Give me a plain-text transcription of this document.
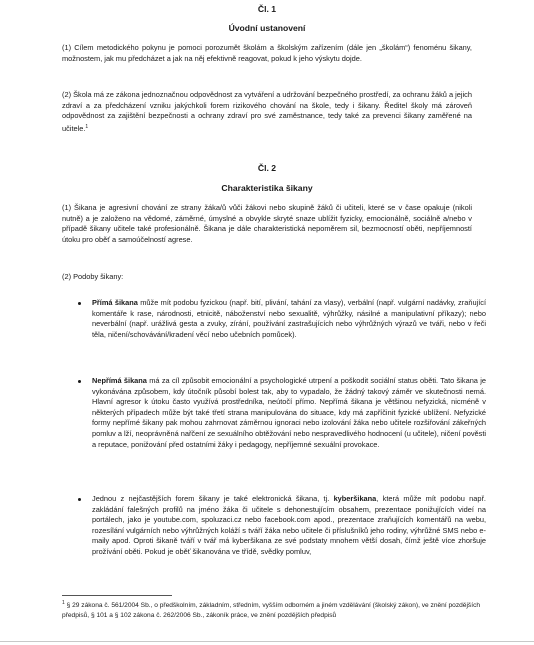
Čl. 1
Úvodní ustanovení

(1) Cílem metodického pokynu je pomoci porozumět školám a školským zařízením (dále jen „školám“) fenoménu šikany, možnostem, jak mu předcházet a jak na něj efektivně reagovat, pokud k jeho výskytu dojde.

(2) Škola má ze zákona jednoznačnou odpovědnost za vytváření a udržování bezpečného prostředí, za ochranu žáků a jejich zdraví a za předcházení vzniku jakýchkoli forem rizikového chování na škole, tedy i šikany. Ředitel školy má zároveň odpovědnost za zajištění bezpečnosti a ochrany zdraví pro své zaměstnance, tedy také za prevenci šikany zaměřené na učitele.$^1$

Čl. 2
Charakteristika šikany

(1) Šikana je agresivní chování ze strany žáka/ů vůči žákovi nebo skupině žáků či učiteli, které se v čase opakuje (nikoli nutně) a je založeno na vědomé, záměrné, úmyslné a obvykle skryté snaze ublížit fyzicky, emocionálně, sociálně a/nebo v případě šikany učitele také profesionálně. Šikana je dále charakteristická nepoměrem sil, bezmocností oběti, nepříjemností útoku pro oběť a samoúčelností agrese.

(2) Podoby šikany:

Přímá šikana může mít podobu fyzickou (např. bití, plivání, tahání za vlasy), verbální (např. vulgární nadávky, zraňující komentáře k rase, národnosti, etnicitě, náboženství nebo sexualitě, výhrůžky, násilné a manipulativní příkazy); nebo neverbální (např. urážlivá gesta a zvuky, zírání, používání zastrašujících nebo výhrůžných výrazů ve tváři, nebo v řeči těla, ničení/schovávání/kradení věcí nebo učebních pomůcek).

Nepřímá šikana má za cíl způsobit emocionální a psychologické utrpení a poškodit sociální status oběti. Tato šikana je vykonávána způsobem, kdy útočník působí bolest tak, aby to vypadalo, že žádný takový záměr ve skutečnosti nemá. Hlavní agresor k útoku často využívá prostředníka, neútočí přímo. Nepřímá šikana je většinou nefyzická, nicméně v některých případech může být také třetí strana manipulována do situace, kdy má zapříčinit fyzické ublížení. Nefyzické formy nepřímé šikany pak mohou zahrnovat záměrnou ignoraci nebo izolování žáka nebo učitele rozšiřování zákeřných pomluv a lží, neoprávněná nařčení ze sexuálního obtěžování nebo nespravedlivého hodnocení (u učitele), ničení pověsti a reputace, ponižování před ostatními žáky i pedagogy, nepříjemné sexuální provokace.

Jednou z nejčastějších forem šikany je také elektronická šikana, tj. kyberšikana, která může mít podobu např. zakládání falešných profilů na jméno žáka či učitele s dehonestujícím obsahem, prezentace ponižujících videí na portálech, jako je youtube.com, spoluzaci.cz nebo facebook.com apod., prezentace zraňujících komentářů na webu, rozesílání vulgárních nebo výhrůžných koláží s tváří žáka nebo učitele či příslušníků jeho rodiny, výhrůžné SMS nebo e-maily apod. Oproti šikaně tváří v tvář má kyberšikana ze své podstaty mnohem větší dosah, čímž ještě více zhoršuje prožívání oběti. Pokud je oběť šikanována ve třídě, svědky pomluv,

$^1$ § 29 zákona č. 561/2004 Sb., o předškolním, základním, středním, vyšším odborném a jiném vzdělávání (školský zákon), ve znění pozdějších předpisů, § 101 a § 102 zákona č. 262/2006 Sb., zákoník práce, ve znění pozdějších předpisů
